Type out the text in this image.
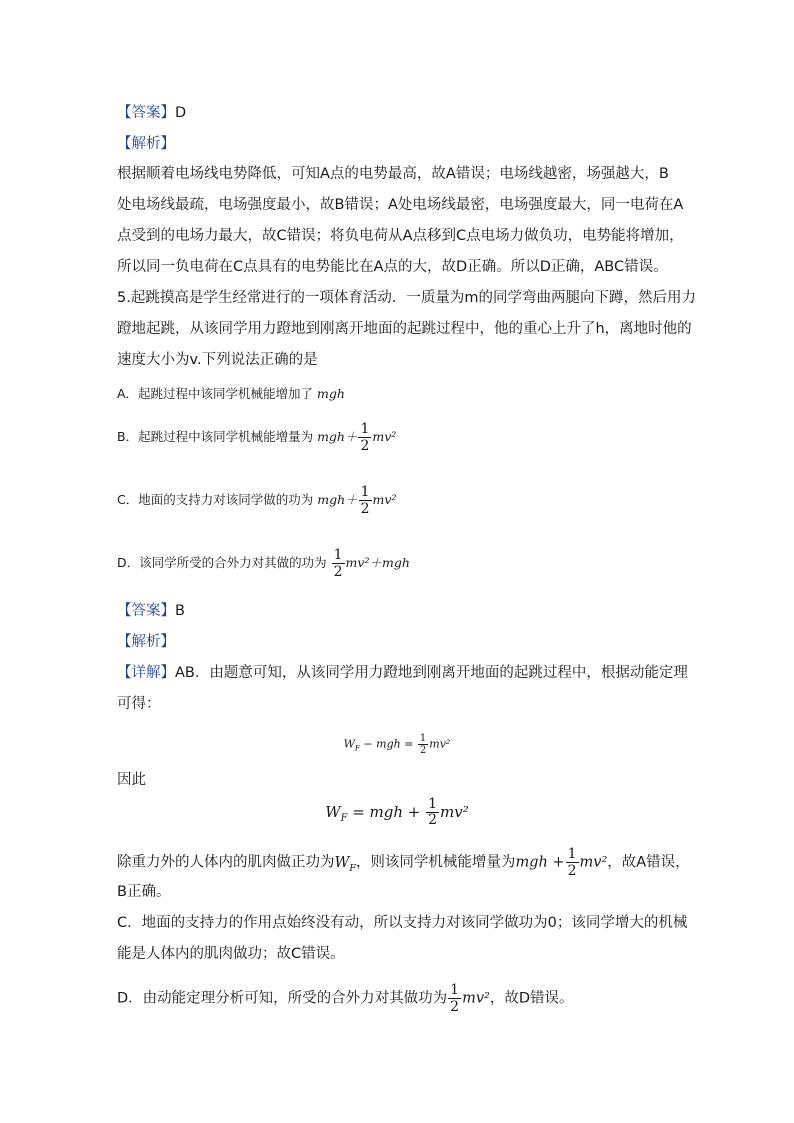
【答案】D
【解析】
根据顺着电场线电势降低，可知A点的电势最高，故A错误；电场线越密，场强越大，B
处电场线最疏，电场强度最小，故B错误；A处电场线最密，电场强度最大，同一电荷在A
点受到的电场力最大，故C错误；将负电荷从A点移到C点电场力做负功，电势能将增加，
所以同一负电荷在C点具有的电势能比在A点的大，故D正确。所以D正确，ABC错误。
5.起跳摸高是学生经常进行的一项体育活动．一质量为m的同学弯曲两腿向下蹲，然后用力
蹬地起跳，从该同学用力蹬地到刚离开地面的起跳过程中，他的重心上升了h，离地时他的
速度大小为v.下列说法正确的是
A．起跳过程中该同学机械能增加了 mgh
B．起跳过程中该同学机械能增量为 $mgh+ \frac{1}{2} mv^2$
C．地面的支持力对该同学做的功为 $mgh+ \frac{1}{2} mv^2$
D．该同学所受的合外力对其做的功为 $\frac{1}{2} mv^2+mgh$
【答案】B
【解析】
【详解】AB．由题意可知，从该同学用力蹬地到刚离开地面的起跳过程中，根据动能定理
可得：
$W_F$ − mgh = $\frac{1}{2} mv^2$
因此
$W_F$ = mgh + $\frac{1}{2} mv^2$
除重力外的人体内的肌肉做正功为$W_F$，则该同学机械能增量为mgh + $\frac{1}{2} mv^2$，故A错误，
B正确。
C．地面的支持力的作用点始终没有动，所以支持力对该同学做功为0；该同学增大的机械
能是人体内的肌肉做功；故C错误。
D．由动能定理分析可知，所受的合外力对其做功为 $\frac{1}{2} mv^2$，故D错误。
